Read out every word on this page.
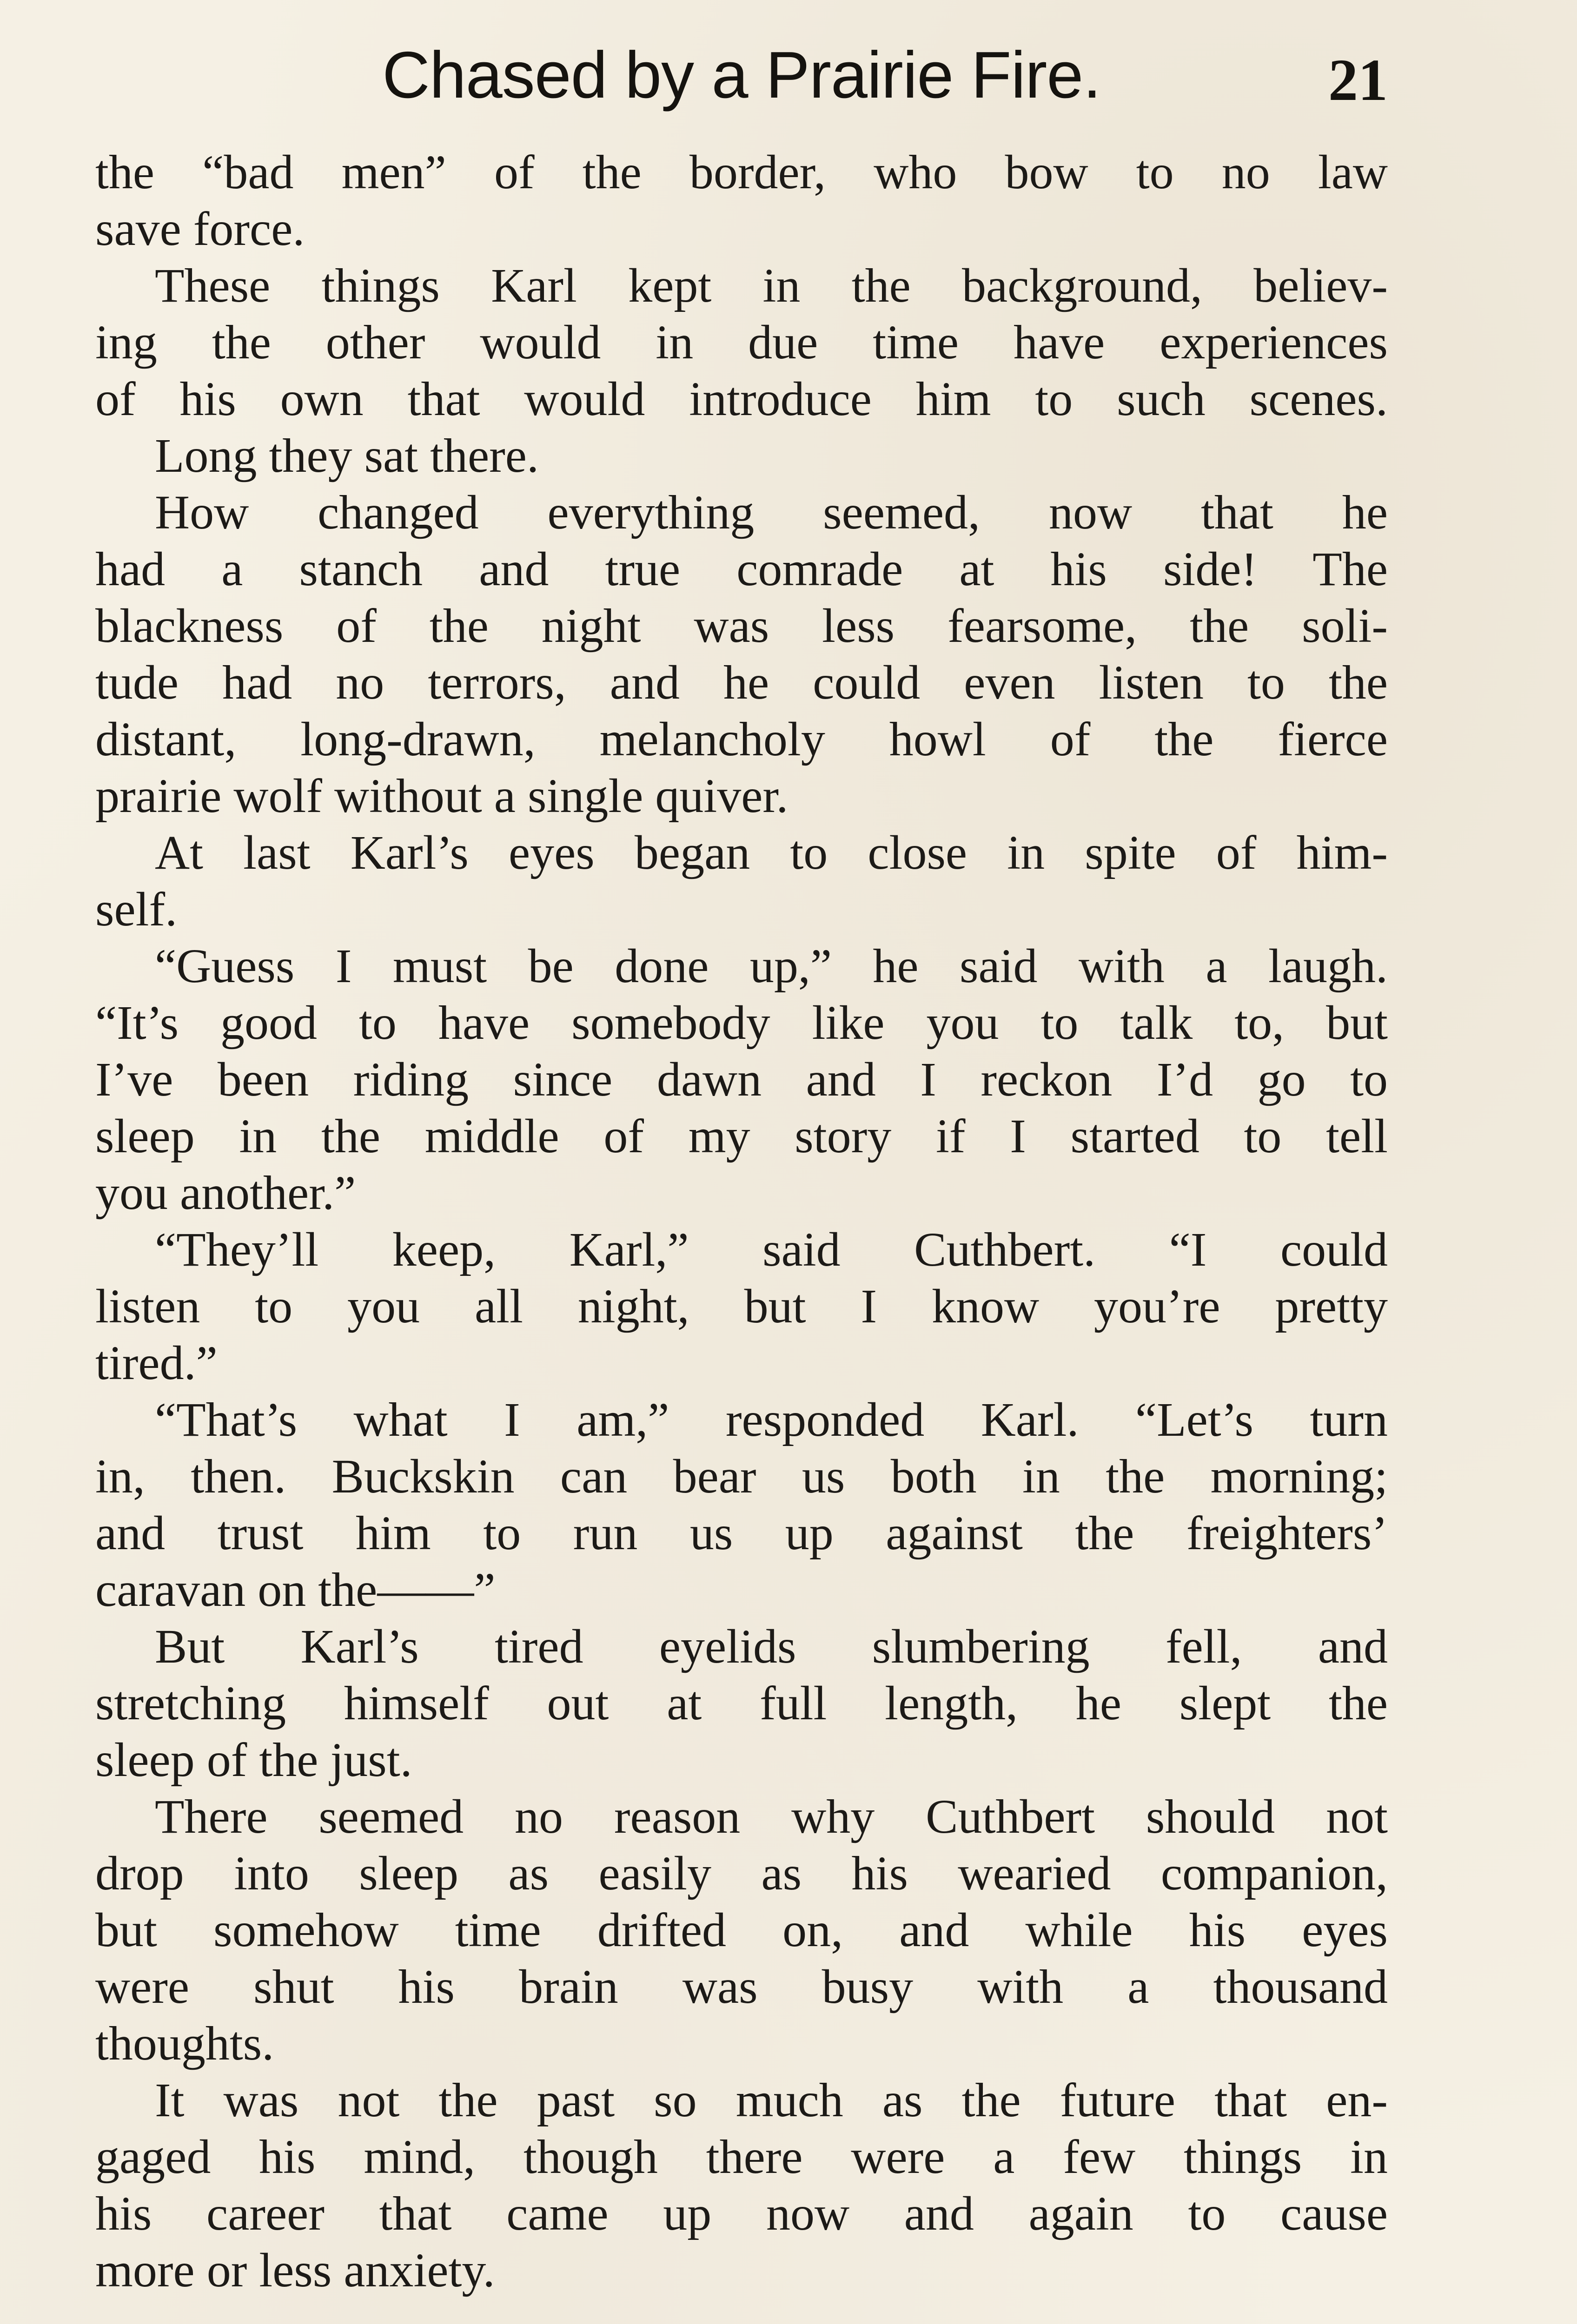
Chased by a Prairie Fire.	21
the “bad men” of the border, who bow to no law
save force.
These things Karl kept in the background, believ-
ing the other would in due time have experiences
of his own that would introduce him to such scenes.
Long they sat there.
How changed everything seemed, now that he
had a stanch and true comrade at his side! The
blackness of the night was less fearsome, the soli-
tude had no terrors, and he could even listen to the
distant, long-drawn, melancholy howl of the fierce
prairie wolf without a single quiver.
At last Karl’s eyes began to close in spite of him-
self.
“Guess I must be done up,” he said with a laugh.
“It’s good to have somebody like you to talk to, but
I’ve been riding since dawn and I reckon I’d go to
sleep in the middle of my story if I started to tell
you another.”
“They’ll keep, Karl,” said Cuthbert. “I could
listen to you all night, but I know you’re pretty
tired.”
“That’s what I am,” responded Karl. “Let’s turn
in, then. Buckskin can bear us both in the morning;
and trust him to run us up against the freighters’
caravan on the——”
But Karl’s tired eyelids slumbering fell, and
stretching himself out at full length, he slept the
sleep of the just.
There seemed no reason why Cuthbert should not
drop into sleep as easily as his wearied companion,
but somehow time drifted on, and while his eyes
were shut his brain was busy with a thousand
thoughts.
It was not the past so much as the future that en-
gaged his mind, though there were a few things in
his career that came up now and again to cause
more or less anxiety.
